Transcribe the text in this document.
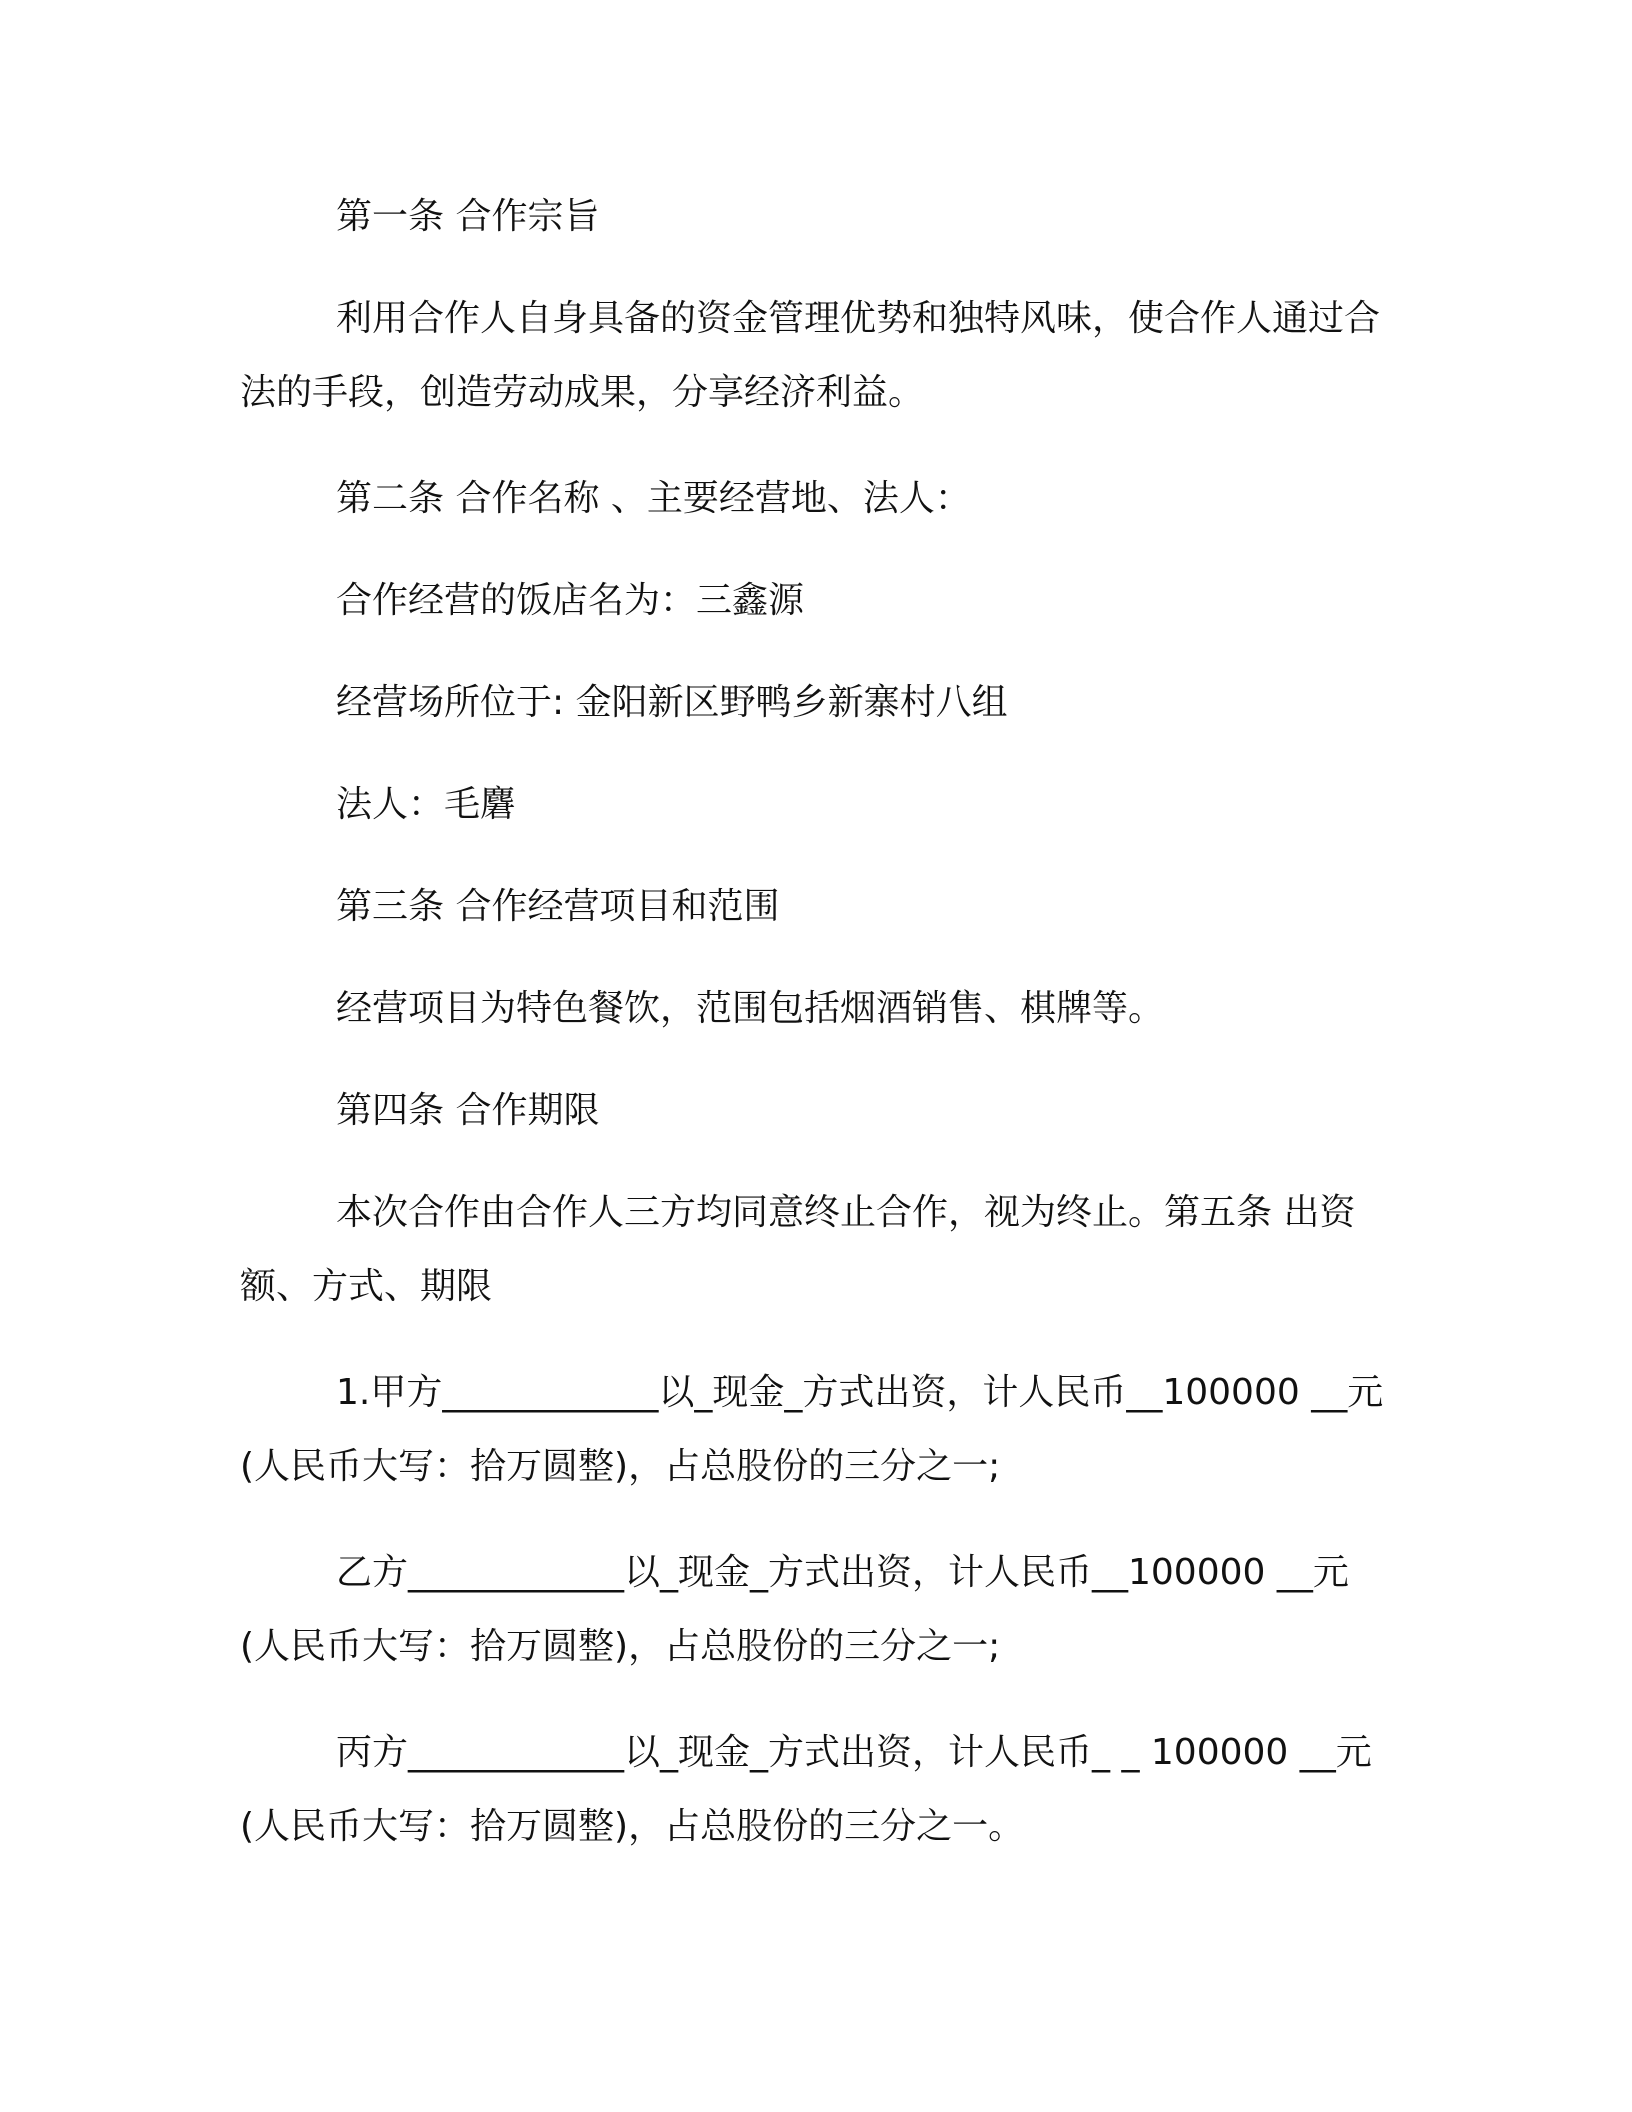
第一条 合作宗旨
利用合作人自身具备的资金管理优势和独特风味，使合作人通过合法的手段，创造劳动成果，分享经济利益。
第二条 合作名称 、主要经营地、法人：
合作经营的饭店名为：三鑫源
经营场所位于: 金阳新区野鸭乡新寨村八组
法人：毛麏
第三条 合作经营项目和范围
经营项目为特色餐饮，范围包括烟酒销售、棋牌等。
第四条 合作期限
本次合作由合作人三方均同意终止合作，视为终止。第五条 出资额、方式、期限
1.甲方____________以_现金_方式出资，计人民币__100000 __元(人民币大写：拾万圆整)，占总股份的三分之一;
乙方____________以_现金_方式出资，计人民币__100000 __元(人民币大写：拾万圆整)，占总股份的三分之一;
丙方____________以_现金_方式出资，计人民币_ _ 100000 __元(人民币大写：拾万圆整)，占总股份的三分之一。
